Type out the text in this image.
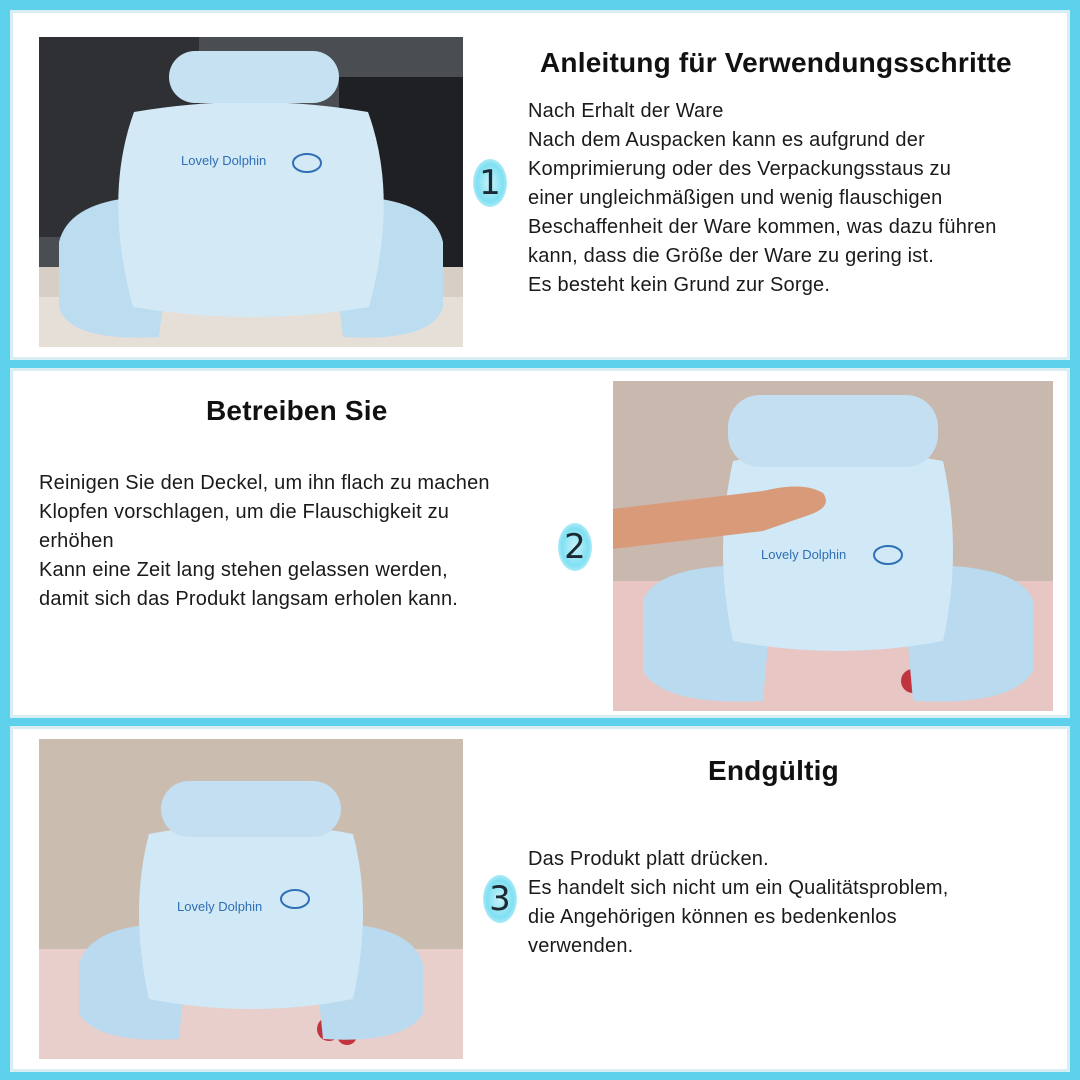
Lovely Dolphin
1
Anleitung für Verwendungsschritte
Nach Erhalt der Ware
Nach dem Auspacken kann es aufgrund der
Komprimierung oder des Verpackungsstaus zu
einer ungleichmäßigen und wenig flauschigen
Beschaffenheit der Ware kommen, was dazu führen
kann, dass die Größe der Ware zu gering ist.
Es besteht kein Grund zur Sorge.
Betreiben Sie
Reinigen Sie den Deckel, um ihn flach zu machen
Klopfen vorschlagen, um die Flauschigkeit zu
erhöhen
Kann eine Zeit lang stehen gelassen werden,
damit sich das Produkt langsam erholen kann.
2	Lovely Dolphin
Lovely Dolphin	3
Endgültig
Das Produkt platt drücken.
Es handelt sich nicht um ein Qualitätsproblem,
die Angehörigen können es bedenkenlos
verwenden.
